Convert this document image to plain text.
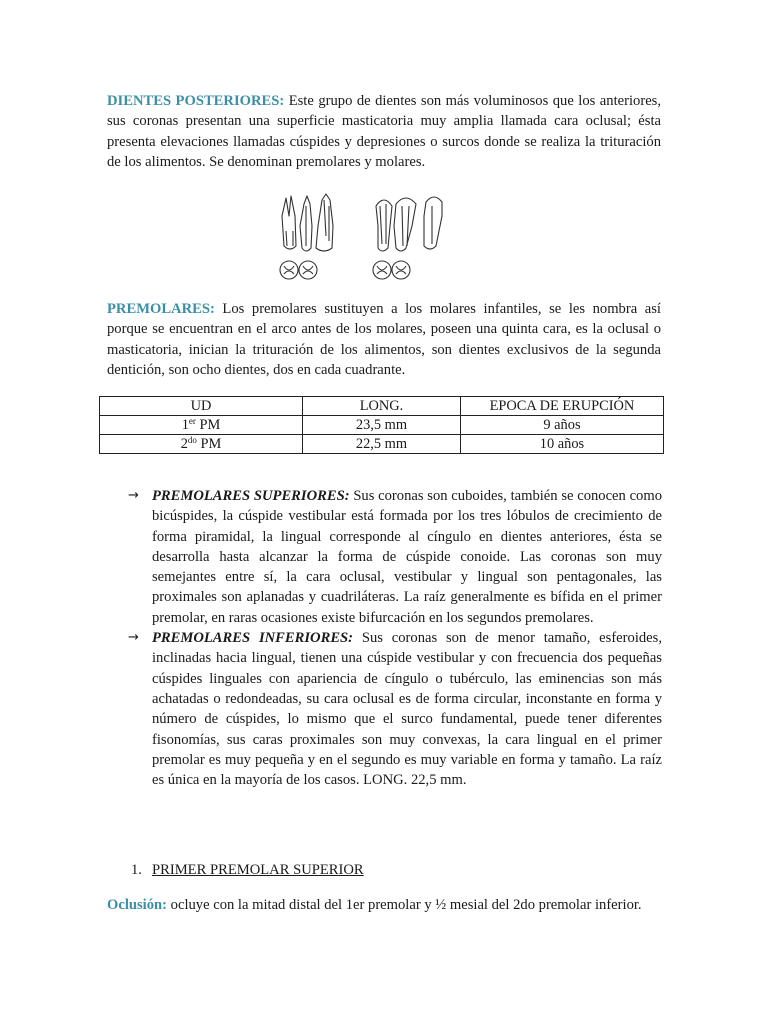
DIENTES POSTERIORES: Este grupo de dientes son más voluminosos que los anteriores, sus coronas presentan una superficie masticatoria muy amplia llamada cara oclusal; ésta presenta elevaciones llamadas cúspides y depresiones o surcos donde se realiza la trituración de los alimentos. Se denominan premolares y molares.

PREMOLARES: Los premolares sustituyen a los molares infantiles, se les nombra así porque se encuentran en el arco antes de los molares, poseen una quinta cara, es la oclusal o masticatoria, inician la trituración de los alimentos, son dientes exclusivos de la segunda dentición, son ocho dientes, dos en cada cuadrante.

UD	LONG.	EPOCA DE ERUPCIÓN
1er PM	23,5 mm	9 años
$2^{do}$ PM	22,5 mm	10 años
→ PREMOLARES SUPERIORES: Sus coronas son cuboides, también se conocen como bicúspides, la cúspide vestibular está formada por los tres lóbulos de crecimiento de forma piramidal, la lingual corresponde al cíngulo en dientes anteriores, ésta se desarrolla hasta alcanzar la forma de cúspide conoide. Las coronas son muy semejantes entre sí, la cara oclusal, vestibular y lingual son pentagonales, las proximales son aplanadas y cuadriláteras. La raíz generalmente es bífida en el primer premolar, en raras ocasiones existe bifurcación en los segundos premolares.
→ PREMOLARES INFERIORES: Sus coronas son de menor tamaño, esferoides, inclinadas hacia lingual, tienen una cúspide vestibular y con frecuencia dos pequeñas cúspides linguales con apariencia de cíngulo o tubérculo, las eminencias son más achatadas o redondeadas, su cara oclusal es de forma circular, inconstante en forma y número de cúspides, lo mismo que el surco fundamental, puede tener diferentes fisonomías, sus caras proximales son muy convexas, la cara lingual en el primer premolar es muy pequeña y en el segundo es muy variable en forma y tamaño. La raíz es única en la mayoría de los casos. LONG. 22,5 mm.
1. PRIMER PREMOLAR SUPERIOR

Oclusión: ocluye con la mitad distal del 1er premolar y ½ mesial del 2do premolar inferior.
